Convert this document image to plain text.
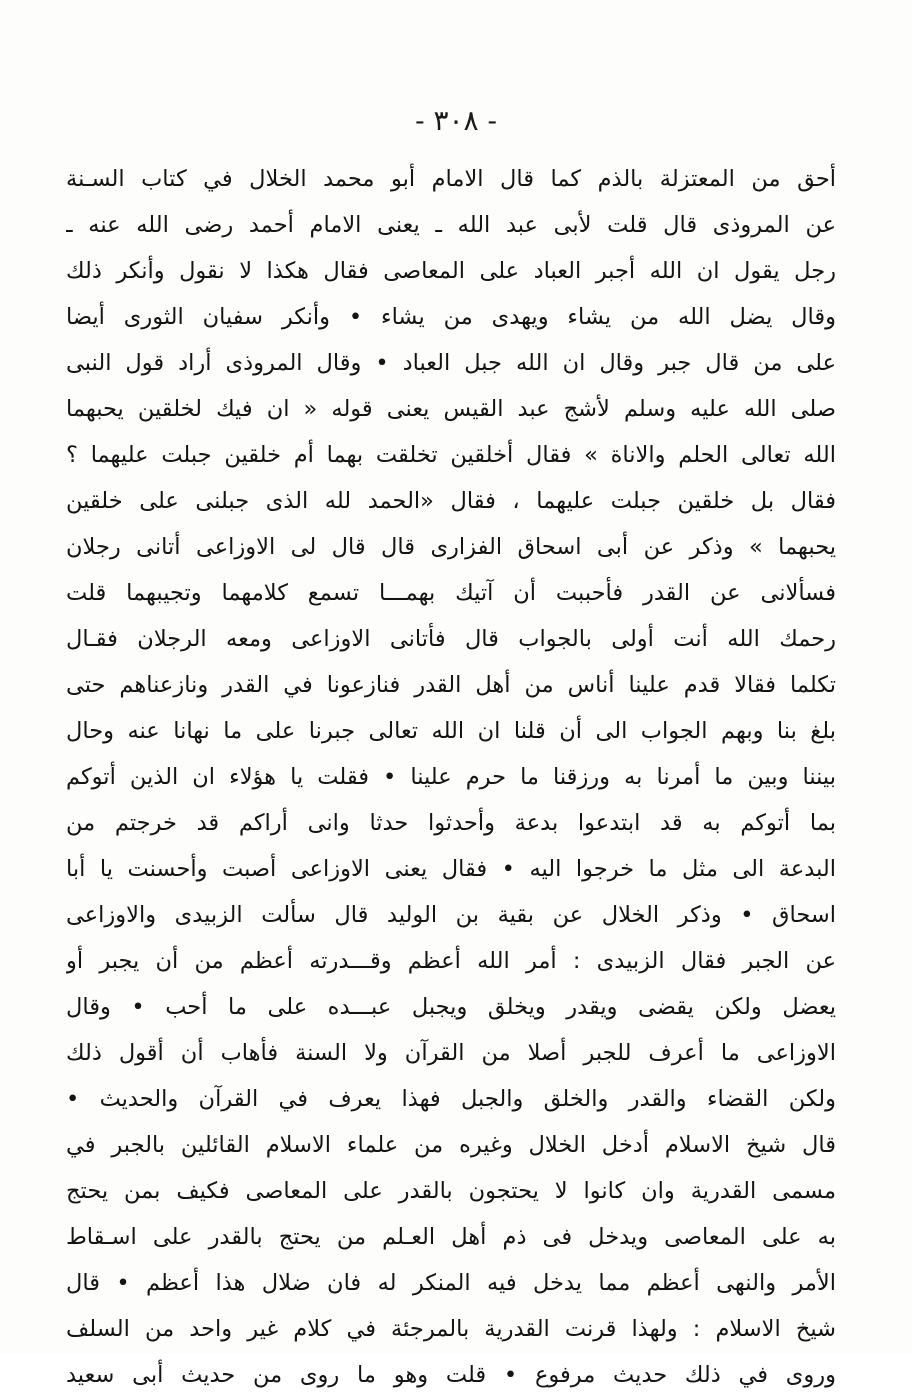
- ٣٠٨ -
أحق من المعتزلة بالذم كما قال الامام أبو محمد الخلال في كتاب السـنة
عن المروذى قال قلت لأبى عبد الله ـ يعنى الامام أحمد رضى الله عنه ـ
رجل يقول ان الله أجبر العباد على المعاصى فقال هكذا لا نقول وأنكر ذلك
وقال يضل الله من يشاء ويهدى من يشاء • وأنكر سفيان الثورى أيضا
على من قال جبر وقال ان الله جبل العباد • وقال المروذى أراد قول النبى
صلى الله عليه وسلم لأشج عبد القيس يعنى قوله « ان فيك لخلقين يحبهما
الله تعالى الحلم والاناة » فقال أخلقين تخلقت بهما أم خلقين جبلت عليهما ؟
فقال بل خلقين جبلت عليهما ، فقال «الحمد لله الذى جبلنى على خلقين
يحبهما » وذكر عن أبى اسحاق الفزارى قال قال لى الاوزاعى أتانى رجلان
فسألانى عن القدر فأحببت أن آتيك بهمـــا تسمع كلامهما وتجيبهما قلت
رحمك الله أنت أولى بالجواب قال فأتانى الاوزاعى ومعه الرجلان فقـال
تكلما فقالا قدم علينا أناس من أهل القدر فنازعونا في القدر ونازعناهم حتى
بلغ بنا وبهم الجواب الى أن قلنا ان الله تعالى جبرنا على ما نهانا عنه وحال
بيننا وبين ما أمرنا به ورزقنا ما حرم علينا • فقلت يا هؤلاء ان الذين أتوكم
بما أتوكم به قد ابتدعوا بدعة وأحدثوا حدثا وانى أراكم قد خرجتم من
البدعة الى مثل ما خرجوا اليه • فقال يعنى الاوزاعى أصبت وأحسنت يا أبا
اسحاق • وذكر الخلال عن بقية بن الوليد قال سألت الزبيدى والاوزاعى
عن الجبر فقال الزبيدى : أمر الله أعظم وقـــدرته أعظم من أن يجبر أو
يعضل ولكن يقضى ويقدر ويخلق ويجبل عبـــده على ما أحب • وقال
الاوزاعى ما أعرف للجبر أصلا من القرآن ولا السنة فأهاب أن أقول ذلك
ولكن القضاء والقدر والخلق والجبل فهذا يعرف في القرآن والحديث •
قال شيخ الاسلام أدخل الخلال وغيره من علماء الاسلام القائلين بالجبر في
مسمى القدرية وان كانوا لا يحتجون بالقدر على المعاصى فكيف بمن يحتج
به على المعاصى ويدخل فى ذم أهل العـلم من يحتج بالقدر على اسـقاط
الأمر والنهى أعظم مما يدخل فيه المنكر له فان ضلال هذا أعظم • قال
شيخ الاسلام : ولهذا قرنت القدرية بالمرجئة في كلام غير واحد من السلف
وروى في ذلك حديث مرفوع • قلت وهو ما روى من حديث أبى سعيد
